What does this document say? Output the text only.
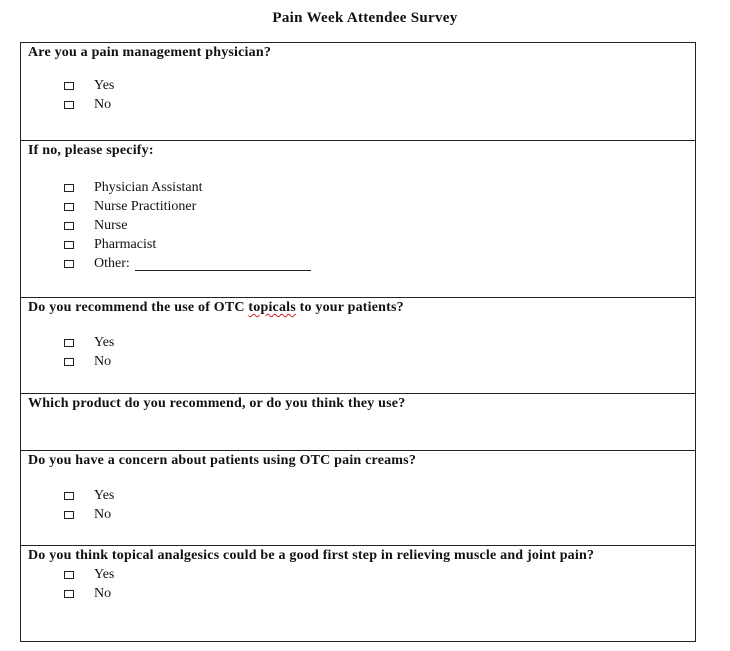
Pain Week Attendee Survey
Are you a pain management physician?
Yes
No
If no, please specify:
Physician Assistant
Nurse Practitioner
Nurse
Pharmacist
Other:
Do you recommend the use of OTC topicals to your patients?
Yes
No
Which product do you recommend, or do you think they use?
Do you have a concern about patients using OTC pain creams?
Yes
No
Do you think topical analgesics could be a good first step in relieving muscle and joint pain?
Yes
No
